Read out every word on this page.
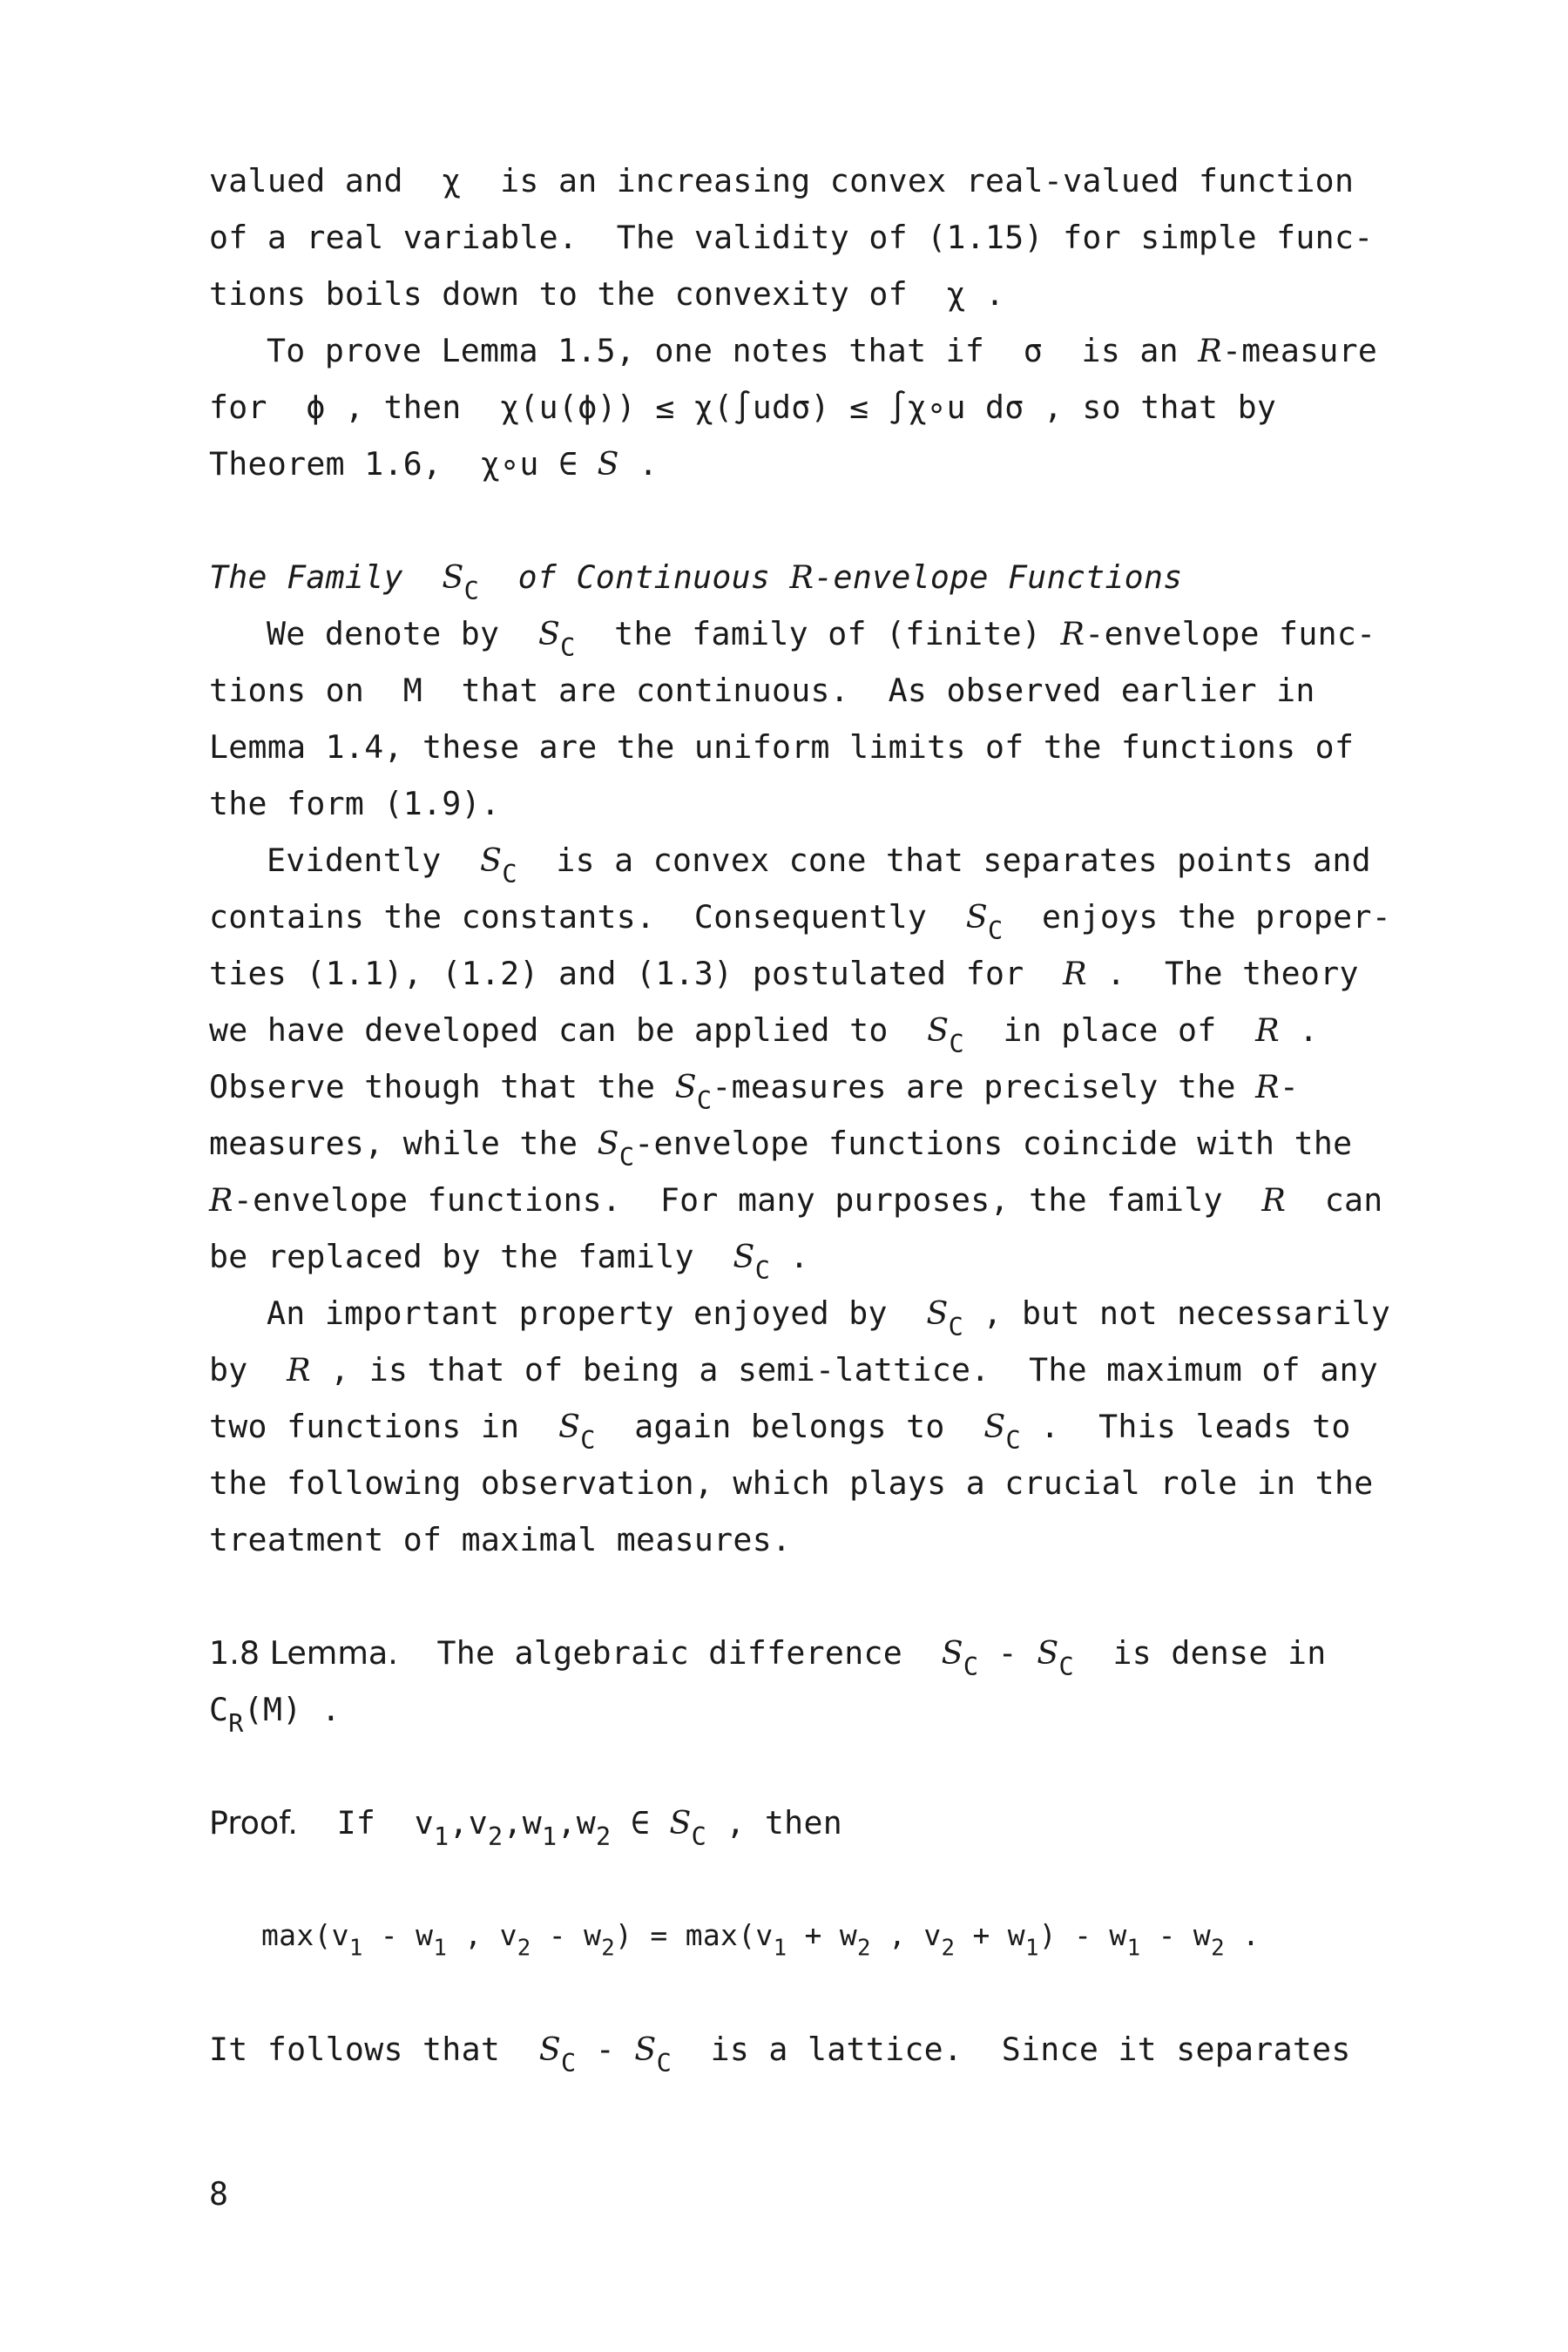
valued and  χ  is an increasing convex real-valued function
of a real variable.  The validity of (1.15) for simple func-
tions boils down to the convexity of  χ .
To prove Lemma 1.5, one notes that if  σ  is an R-measure
for  ϕ , then  χ(u(ϕ)) ≤ χ(∫udσ) ≤ ∫χ∘u dσ , so that by
Theorem 1.6,  χ∘u ∈ S .
The Family  $S_C$  of Continuous R-envelope Functions
We denote by  $S_C$  the family of (finite) R-envelope func-
tions on  M  that are continuous.  As observed earlier in
Lemma 1.4, these are the uniform limits of the functions of
the form (1.9).
Evidently  $S_C$  is a convex cone that separates points and
contains the constants.  Consequently  $S_C$  enjoys the proper-
ties (1.1), (1.2) and (1.3) postulated for  R .  The theory
we have developed can be applied to  $S_C$  in place of  R .
Observe though that the $S_C$-measures are precisely the R-
measures, while the $S_C$-envelope functions coincide with the
R-envelope functions.  For many purposes, the family  R  can
be replaced by the family  $S_C$ .
An important property enjoyed by  $S_C$ , but not necessarily
by  R , is that of being a semi-lattice.  The maximum of any
two functions in  $S_C$  again belongs to  $S_C$ .  This leads to
the following observation, which plays a crucial role in the
treatment of maximal measures.
1.8 Lemma.  The algebraic difference  $S_C - S_C$  is dense in
$C_R(M)$ .
Proof.  If  $v_1,v_2,w_1,w_2$ ∈ $S_C$ , then
$\max(v_1 - w_1$ , $v_2 - w_2) = \max(v_1 + w_2$ , $v_2 + w_1) - w_1 - w_2$ .
It follows that  $S_C - S_C$  is a lattice.  Since it separates
8
